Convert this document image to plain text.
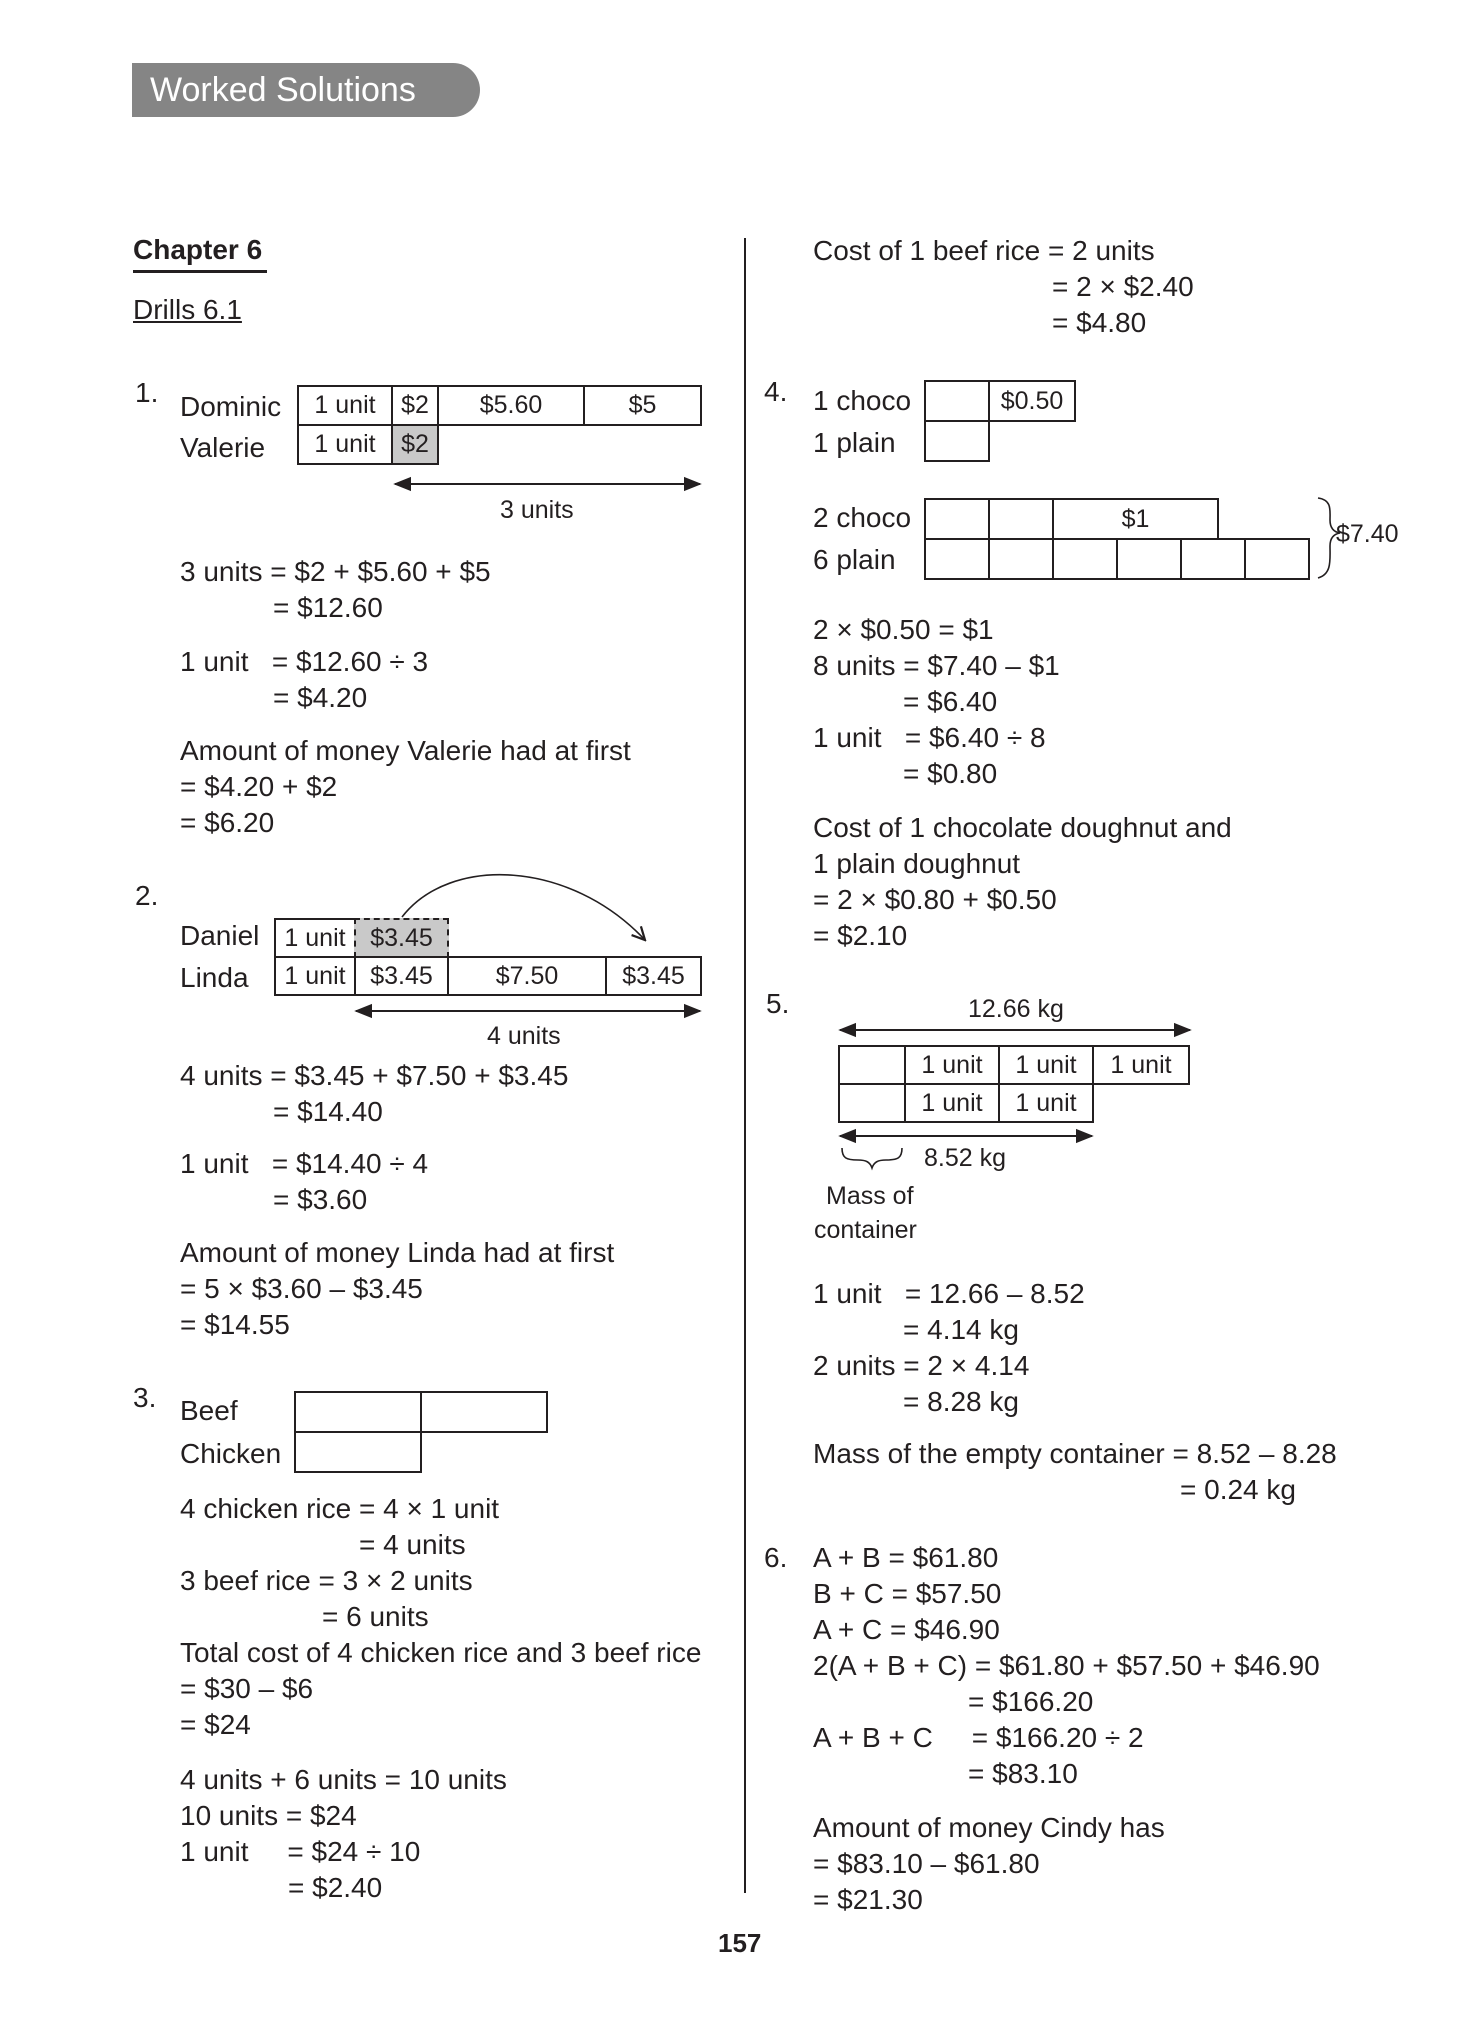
Worked Solutions
Chapter 6
Drills 6.1
1. Dominic
Valerie
1 unit	$2	$5.60	$5
1 unit	$2
3 units
3 units = $2 + $5.60 + $5
= $12.60
1 unit   = $12.60 ÷ 3
= $4.20
Amount of money Valerie had at first
= $4.20 + $2
= $6.20
2.
Daniel
Linda
1 unit $3.45
1 unit $3.45	$7.50	$3.45
4 units
4 units = $3.45 + $7.50 + $3.45
= $14.40
1 unit   = $14.40 ÷ 4
= $3.60
Amount of money Linda had at first
= 5 × $3.60 – $3.45
= $14.55
3. Beef
Chicken
4 chicken rice = 4 × 1 unit
= 4 units
3 beef rice = 3 × 2 units
= 6 units
Total cost of 4 chicken rice and 3 beef rice
= $30 – $6
= $24
4 units + 6 units = 10 units
10 units = $24
1 unit     = $24 ÷ 10
= $2.40
Cost of 1 beef rice = 2 units
= 2 × $2.40
= $4.80
4. 1 choco
1 plain
$0.50
2 choco
6 plain
$1
$7.40
2 × $0.50 = $1
8 units = $7.40 – $1
= $6.40
1 unit   = $6.40 ÷ 8
= $0.80
Cost of 1 chocolate doughnut and
1 plain doughnut
= 2 × $0.80 + $0.50
= $2.10
5.	12.66 kg
1 unit	1 unit	1 unit
1 unit	1 unit
8.52 kg
Mass of
container
1 unit   = 12.66 – 8.52
= 4.14 kg
2 units = 2 × 4.14
= 8.28 kg
Mass of the empty container = 8.52 – 8.28
= 0.24 kg
6. A + B = $61.80
B + C = $57.50
A + C = $46.90
2(A + B + C) = $61.80 + $57.50 + $46.90
= $166.20
A + B + C     = $166.20 ÷ 2
= $83.10
Amount of money Cindy has
= $83.10 – $61.80
= $21.30
157
